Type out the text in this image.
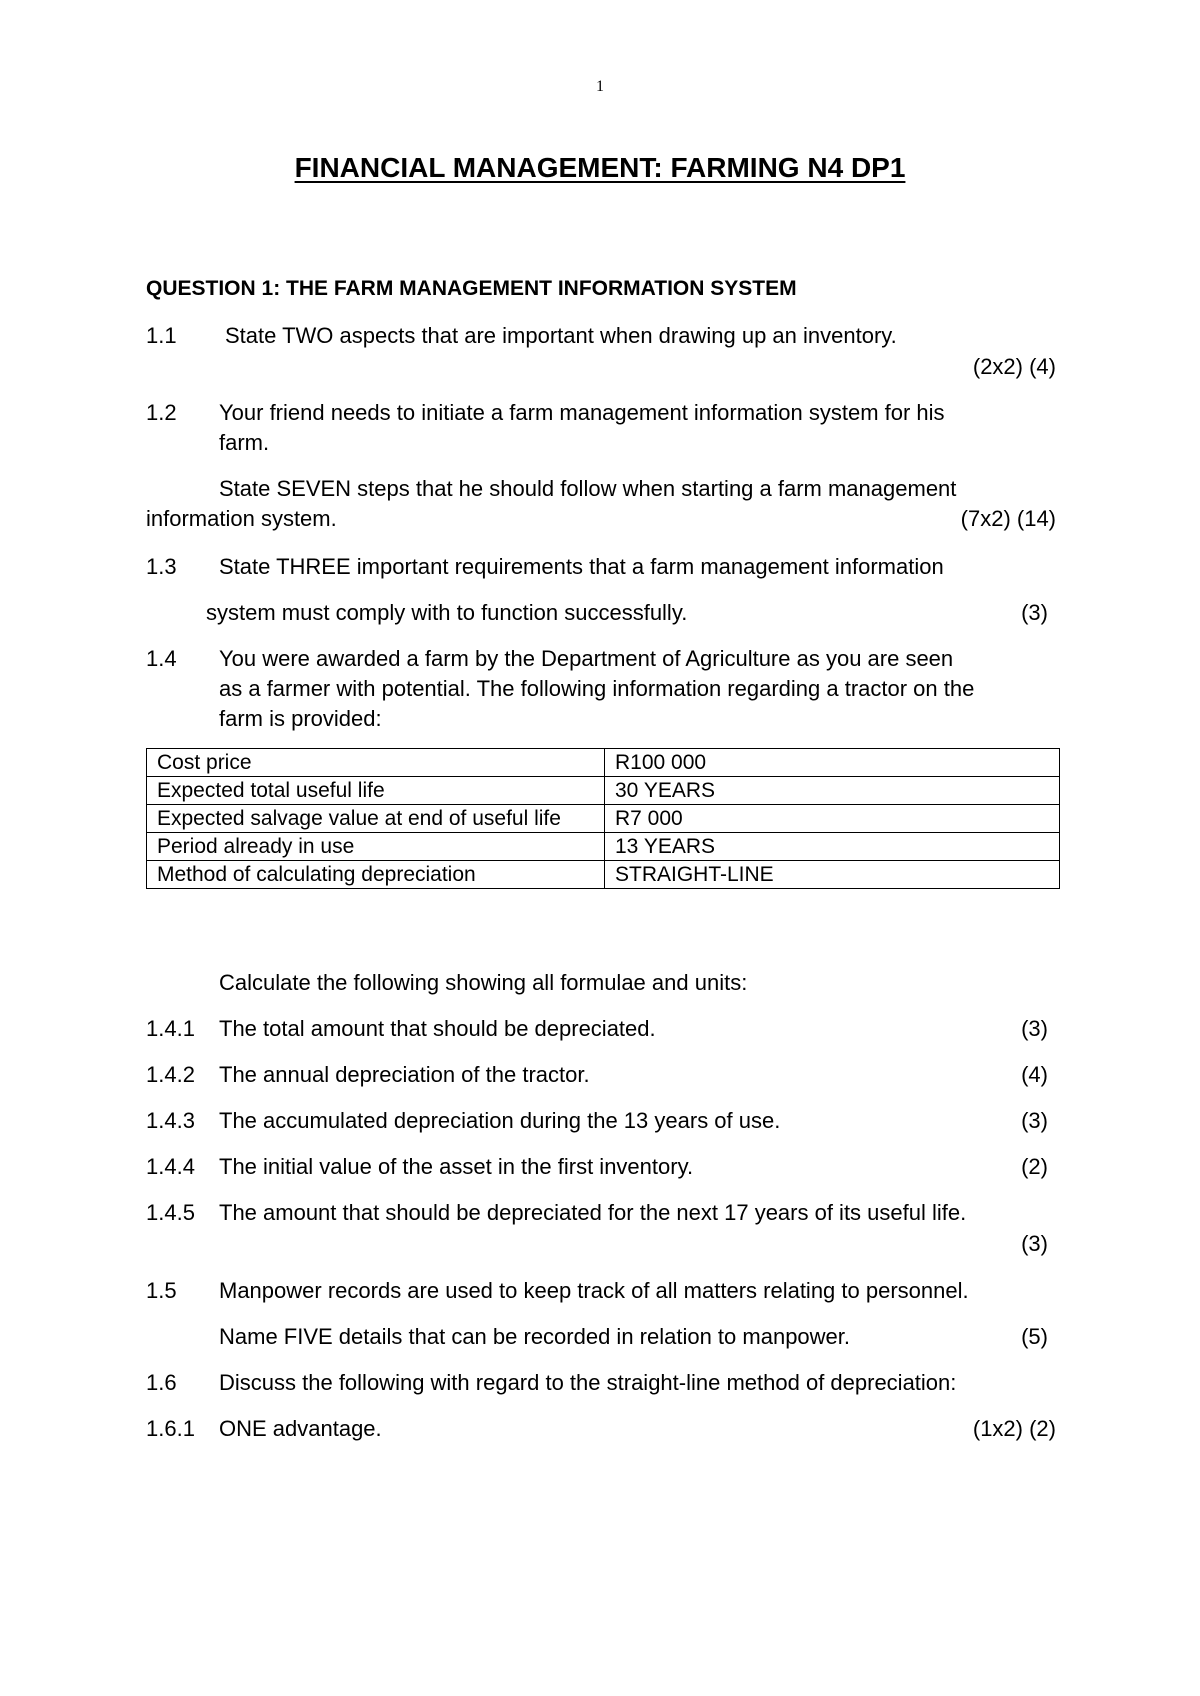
1
FINANCIAL MANAGEMENT: FARMING N4 DP1
QUESTION 1: THE FARM MANAGEMENT INFORMATION SYSTEM
1.1 State TWO aspects that are important when drawing up an inventory.
(2x2) (4)
1.2 Your friend needs to initiate a farm management information system for his
farm.
State SEVEN steps that he should follow when starting a farm management
information system.	(7x2) (14)
1.3 State THREE important requirements that a farm management information
system must comply with to function successfully.	(3)
1.4 You were awarded a farm by the Department of Agriculture as you are seen
as a farmer with potential. The following information regarding a tractor on the
farm is provided:
Cost price	R100 000
Expected total useful life	30 YEARS
Expected salvage value at end of useful life	R7 000
Period already in use	13 YEARS
Method of calculating depreciation	STRAIGHT-LINE
Calculate the following showing all formulae and units:
1.4.1 The total amount that should be depreciated.	(3)
1.4.2 The annual depreciation of the tractor.	(4)
1.4.3 The accumulated depreciation during the 13 years of use.	(3)
1.4.4 The initial value of the asset in the first inventory.	(2)
1.4.5 The amount that should be depreciated for the next 17 years of its useful life.
(3)
1.5 Manpower records are used to keep track of all matters relating to personnel.
Name FIVE details that can be recorded in relation to manpower.	(5)
1.6 Discuss the following with regard to the straight-line method of depreciation:
1.6.1 ONE advantage.	(1x2) (2)
